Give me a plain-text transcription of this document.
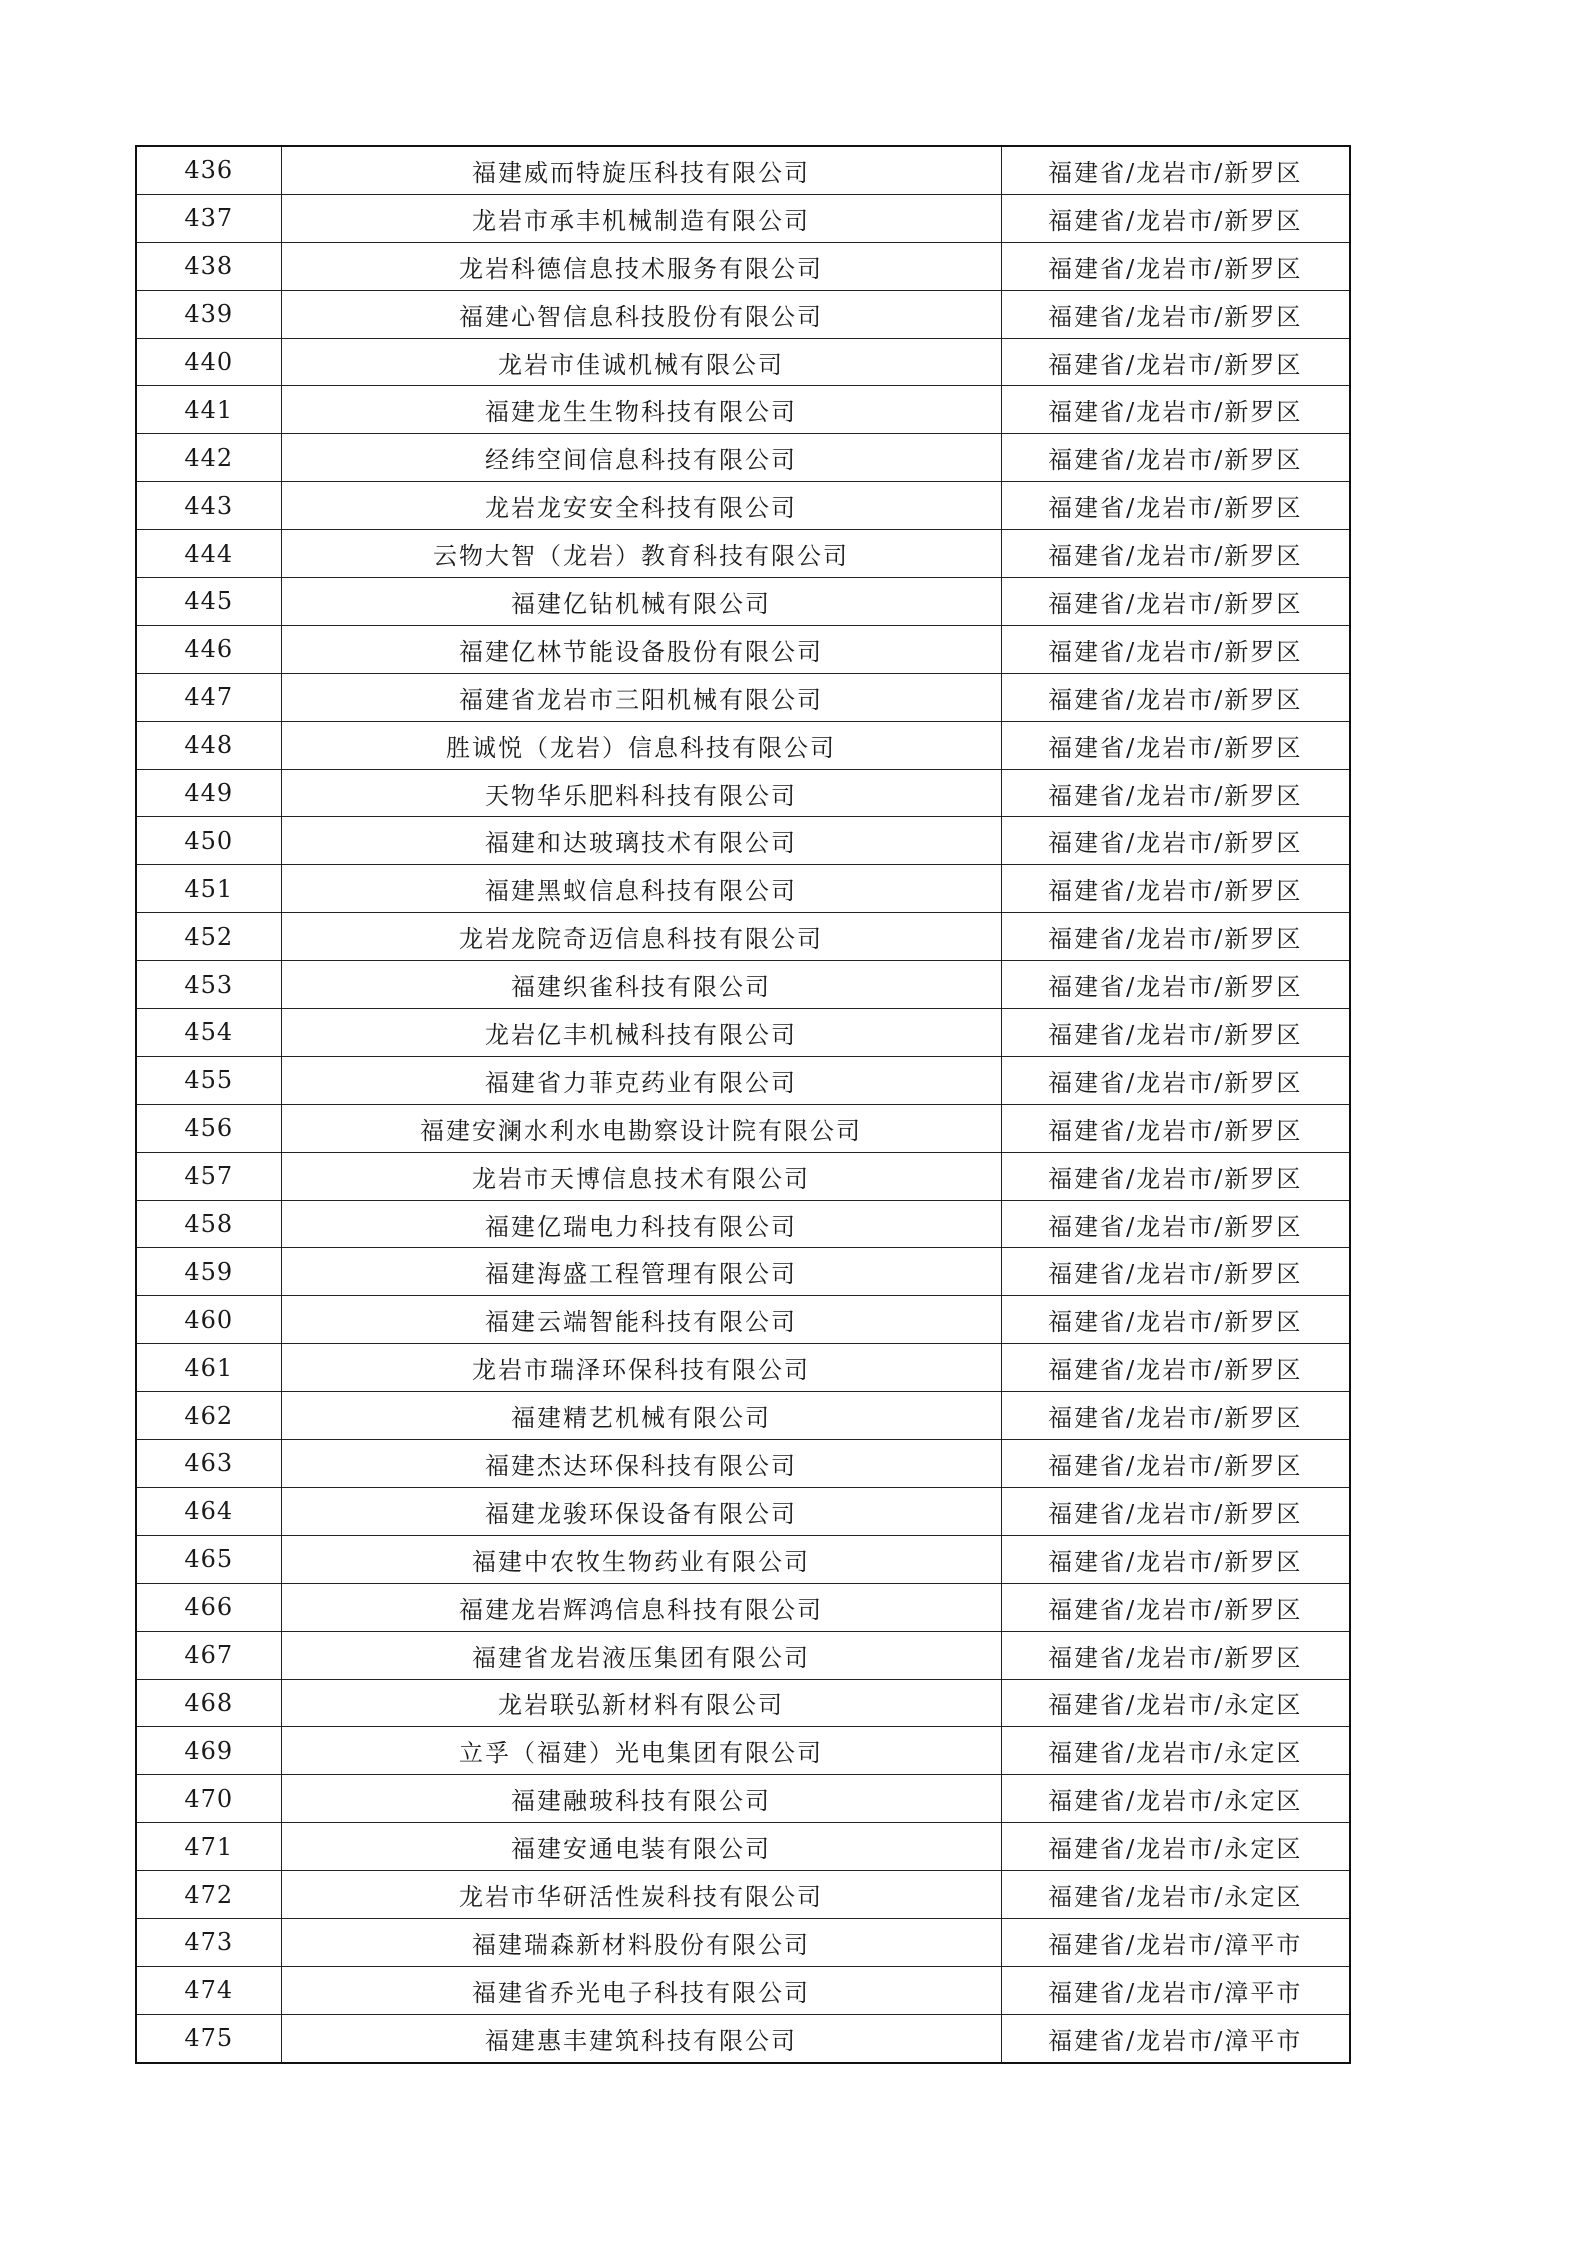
436	福建威而特旋压科技有限公司	福建省/龙岩市/新罗区
437	龙岩市承丰机械制造有限公司	福建省/龙岩市/新罗区
438	龙岩科德信息技术服务有限公司	福建省/龙岩市/新罗区
439	福建心智信息科技股份有限公司	福建省/龙岩市/新罗区
440	龙岩市佳诚机械有限公司	福建省/龙岩市/新罗区
441	福建龙生生物科技有限公司	福建省/龙岩市/新罗区
442	经纬空间信息科技有限公司	福建省/龙岩市/新罗区
443	龙岩龙安安全科技有限公司	福建省/龙岩市/新罗区
444	云物大智（龙岩）教育科技有限公司	福建省/龙岩市/新罗区
445	福建亿钻机械有限公司	福建省/龙岩市/新罗区
446	福建亿林节能设备股份有限公司	福建省/龙岩市/新罗区
447	福建省龙岩市三阳机械有限公司	福建省/龙岩市/新罗区
448	胜诚悦（龙岩）信息科技有限公司	福建省/龙岩市/新罗区
449	天物华乐肥料科技有限公司	福建省/龙岩市/新罗区
450	福建和达玻璃技术有限公司	福建省/龙岩市/新罗区
451	福建黑蚁信息科技有限公司	福建省/龙岩市/新罗区
452	龙岩龙院奇迈信息科技有限公司	福建省/龙岩市/新罗区
453	福建织雀科技有限公司	福建省/龙岩市/新罗区
454	龙岩亿丰机械科技有限公司	福建省/龙岩市/新罗区
455	福建省力菲克药业有限公司	福建省/龙岩市/新罗区
456	福建安澜水利水电勘察设计院有限公司	福建省/龙岩市/新罗区
457	龙岩市天博信息技术有限公司	福建省/龙岩市/新罗区
458	福建亿瑞电力科技有限公司	福建省/龙岩市/新罗区
459	福建海盛工程管理有限公司	福建省/龙岩市/新罗区
460	福建云端智能科技有限公司	福建省/龙岩市/新罗区
461	龙岩市瑞泽环保科技有限公司	福建省/龙岩市/新罗区
462	福建精艺机械有限公司	福建省/龙岩市/新罗区
463	福建杰达环保科技有限公司	福建省/龙岩市/新罗区
464	福建龙骏环保设备有限公司	福建省/龙岩市/新罗区
465	福建中农牧生物药业有限公司	福建省/龙岩市/新罗区
466	福建龙岩辉鸿信息科技有限公司	福建省/龙岩市/新罗区
467	福建省龙岩液压集团有限公司	福建省/龙岩市/新罗区
468	龙岩联弘新材料有限公司	福建省/龙岩市/永定区
469	立孚（福建）光电集团有限公司	福建省/龙岩市/永定区
470	福建融玻科技有限公司	福建省/龙岩市/永定区
471	福建安通电装有限公司	福建省/龙岩市/永定区
472	龙岩市华研活性炭科技有限公司	福建省/龙岩市/永定区
473	福建瑞森新材料股份有限公司	福建省/龙岩市/漳平市
474	福建省乔光电子科技有限公司	福建省/龙岩市/漳平市
475	福建惠丰建筑科技有限公司	福建省/龙岩市/漳平市
